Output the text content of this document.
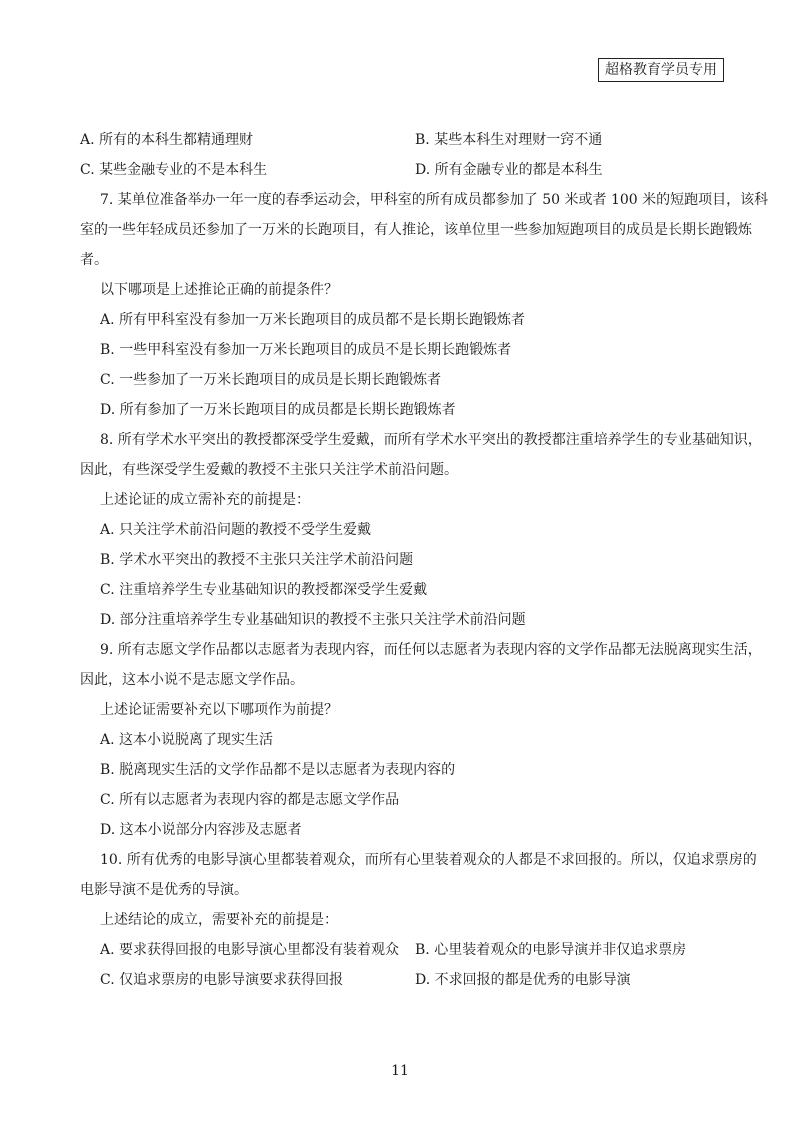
超格教育学员专用
A. 所有的本科生都精通理财	B. 某些本科生对理财一窍不通
C. 某些金融专业的不是本科生	D. 所有金融专业的都是本科生
7. 某单位准备举办一年一度的春季运动会，甲科室的所有成员都参加了 50 米或者 100 米的短跑项目，该科
室的一些年轻成员还参加了一万米的长跑项目，有人推论，该单位里一些参加短跑项目的成员是长期长跑锻炼
者。
以下哪项是上述推论正确的前提条件？
A. 所有甲科室没有参加一万米长跑项目的成员都不是长期长跑锻炼者
B. 一些甲科室没有参加一万米长跑项目的成员不是长期长跑锻炼者
C. 一些参加了一万米长跑项目的成员是长期长跑锻炼者
D. 所有参加了一万米长跑项目的成员都是长期长跑锻炼者
8. 所有学术水平突出的教授都深受学生爱戴，而所有学术水平突出的教授都注重培养学生的专业基础知识，
因此，有些深受学生爱戴的教授不主张只关注学术前沿问题。
上述论证的成立需补充的前提是：
A. 只关注学术前沿问题的教授不受学生爱戴
B. 学术水平突出的教授不主张只关注学术前沿问题
C. 注重培养学生专业基础知识的教授都深受学生爱戴
D. 部分注重培养学生专业基础知识的教授不主张只关注学术前沿问题
9. 所有志愿文学作品都以志愿者为表现内容，而任何以志愿者为表现内容的文学作品都无法脱离现实生活，
因此，这本小说不是志愿文学作品。
上述论证需要补充以下哪项作为前提？
A. 这本小说脱离了现实生活
B. 脱离现实生活的文学作品都不是以志愿者为表现内容的
C. 所有以志愿者为表现内容的都是志愿文学作品
D. 这本小说部分内容涉及志愿者
10. 所有优秀的电影导演心里都装着观众，而所有心里装着观众的人都是不求回报的。所以，仅追求票房的
电影导演不是优秀的导演。
上述结论的成立，需要补充的前提是：
A. 要求获得回报的电影导演心里都没有装着观众 B. 心里装着观众的电影导演并非仅追求票房
C. 仅追求票房的电影导演要求获得回报	D. 不求回报的都是优秀的电影导演
11
